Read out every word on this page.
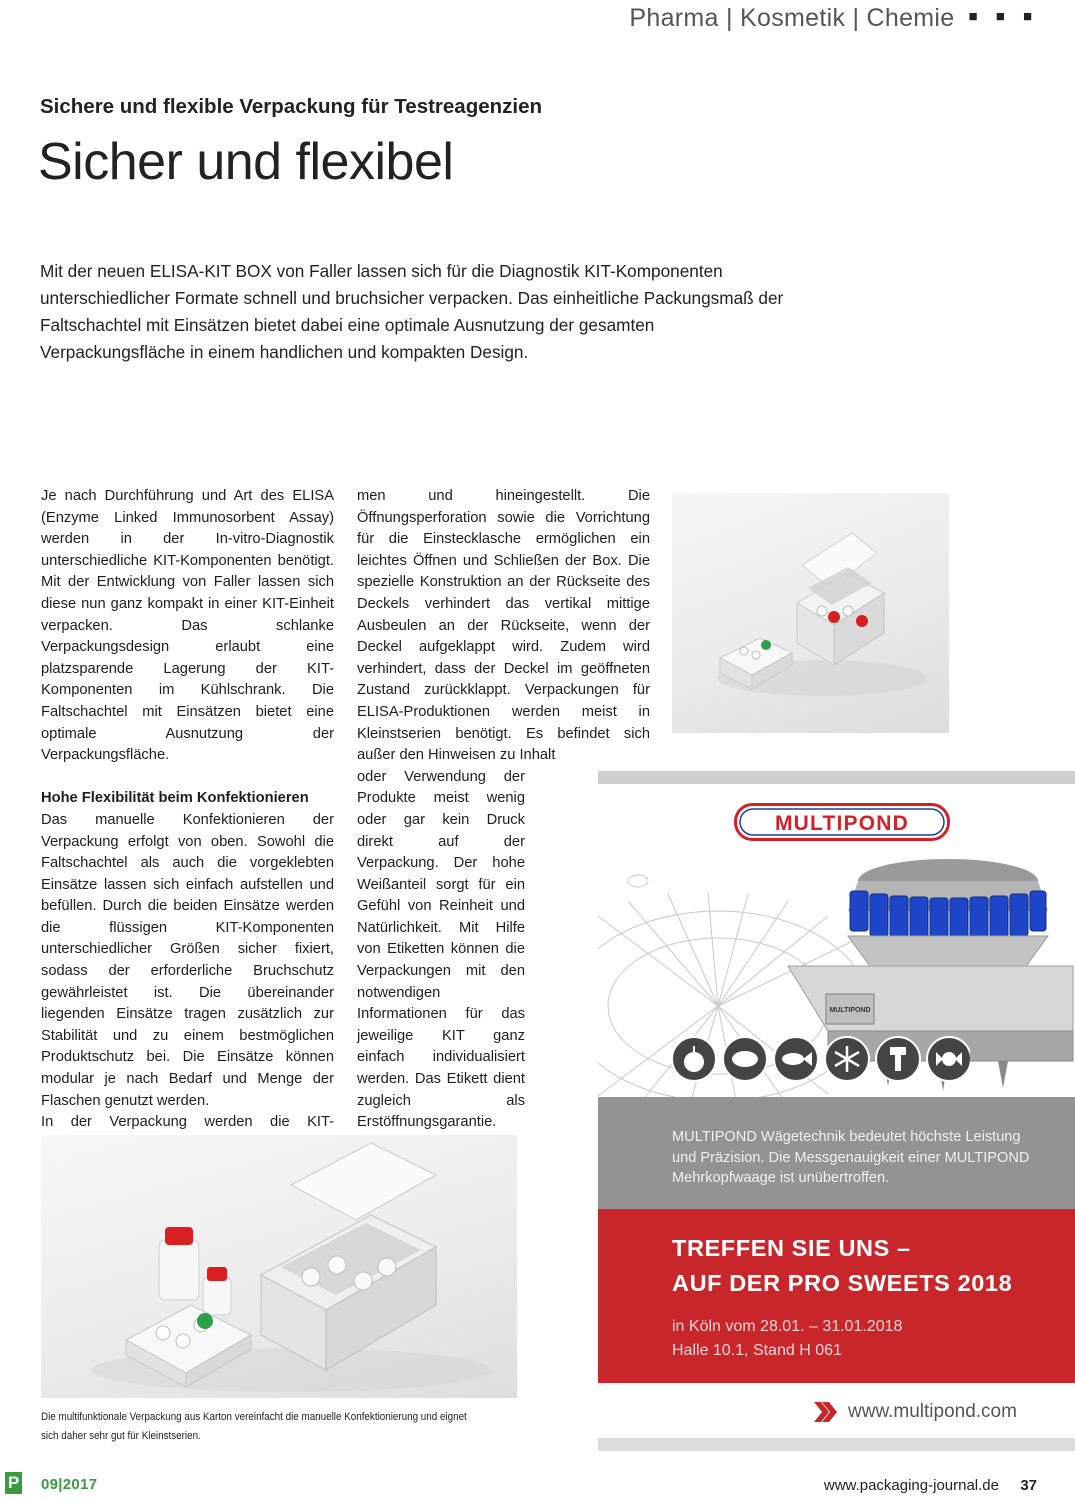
Pharma | Kosmetik | Chemie ■ ■ ■
Sichere und flexible Verpackung für Testreagenzien
Sicher und flexibel

Mit der neuen ELISA-KIT BOX von Faller lassen sich für die Diagnostik KIT-Komponenten unterschiedlicher Formate schnell und bruchsicher verpacken. Das einheitliche Packungsmaß der Faltschachtel mit Einsätzen bietet dabei eine optimale Ausnutzung der gesamten Verpackungsfläche in einem handlichen und kompakten Design.

Je nach Durchführung und Art des ELISA (Enzyme Linked Immunosorbent Assay) werden in der In-vitro-Diagnostik unterschiedliche KIT-Komponenten benötigt. Mit der Entwicklung von Faller lassen sich diese nun ganz kompakt in einer KIT-Einheit verpacken. Das schlanke Verpackungsdesign erlaubt eine platzsparende Lagerung der KIT-Komponenten im Kühlschrank. Die Faltschachtel mit Einsätzen bietet eine optimale Ausnutzung der Verpackungsfläche.

Hohe Flexibilität beim Konfektionieren

Das manuelle Konfektionieren der Verpackung erfolgt von oben. Sowohl die Faltschachtel als auch die vorgeklebten Einsätze lassen sich einfach aufstellen und befüllen. Durch die beiden Einsätze werden die flüssigen KIT-Komponenten unterschiedlicher Größen sicher fixiert, sodass der erforderliche Bruchschutz gewährleistet ist. Die übereinander liegenden Einsätze tragen zusätzlich zur Stabilität und zu einem bestmöglichen Produktschutz bei. Die Einsätze können modular je nach Bedarf und Menge der Flaschen genutzt werden.

In der Verpackung werden die KIT-

men und hineingestellt. Die Öffnungsperforation sowie die Vorrichtung für die Einstecklasche ermöglichen ein leichtes Öffnen und Schließen der Box. Die spezielle Konstruktion an der Rückseite des Deckels verhindert das vertikal mittige Ausbeulen an der Rückseite, wenn der Deckel aufgeklappt wird. Zudem wird verhindert, dass der Deckel im geöffneten Zustand zurückklappt. Verpackungen für ELISA-Produktionen werden meist in Kleinstserien benötigt. Es befindet sich außer den Hinweisen zu Inhalt

oder Verwendung der Produkte meist wenig oder gar kein Druck direkt auf der Verpackung. Der hohe Weißanteil sorgt für ein Gefühl von Reinheit und Natürlichkeit. Mit Hilfe von Etiketten können die Verpackungen mit den notwendigen Informationen für das jeweilige KIT ganz einfach individualisiert werden. Das Etikett dient zugleich als Erstöffnungsgarantie.

Die multifunktionale Verpackung aus Karton vereinfacht die manuelle Konfektionierung und eignet sich daher sehr gut für Kleinstserien.

MULTIPOND
MULTIPOND

MULTIPOND Wägetechnik bedeutet höchste Leistung und Präzision. Die Messgenauigkeit einer MULTIPOND Mehrkopfwaage ist unübertroffen.

TREFFEN SIE UNS –
AUF DER PRO SWEETS 2018
in Köln vom 28.01. – 31.01.2018
Halle 10.1, Stand H 061
www.multipond.com
P 09|2017	www.packaging-journal.de 37
